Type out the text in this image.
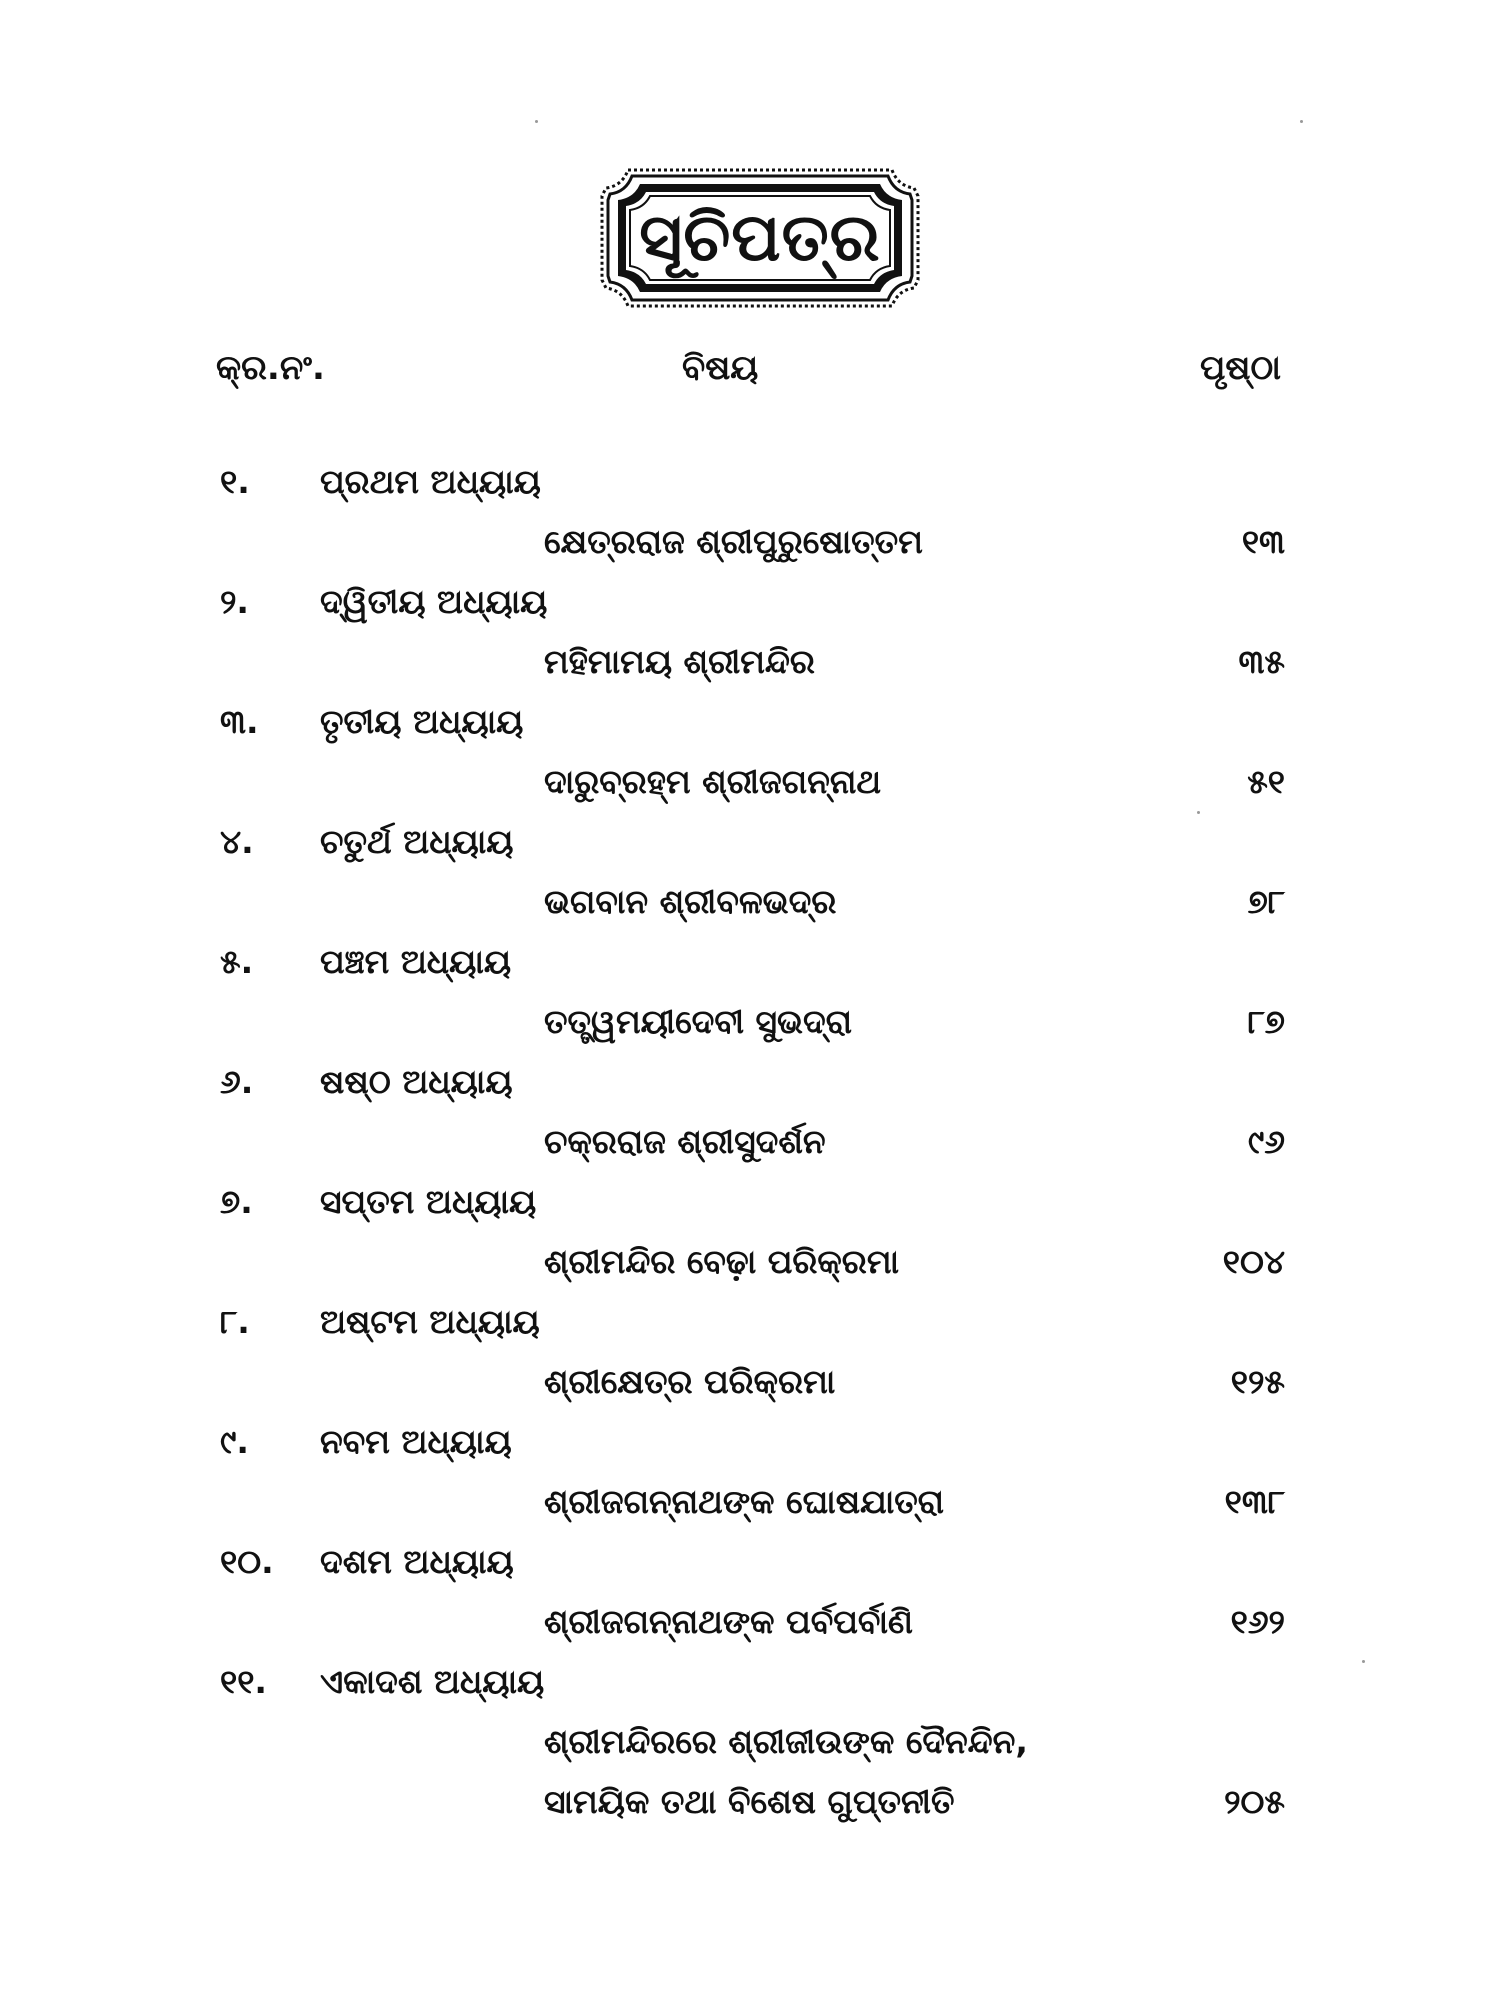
ସୂଚିପତ୍ର
କ୍ର.ନଂ.	ବିଷୟ	ପୃଷ୍ଠା
୧. ପ୍ରଥମ ଅଧ୍ୟାୟ
କ୍ଷେତ୍ରରାଜ ଶ୍ରୀପୁରୁଷୋତ୍ତମ	୧୩
୨. ଦ୍ୱିତୀୟ ଅଧ୍ୟାୟ
ମହିମାମୟ ଶ୍ରୀମନ୍ଦିର	୩୫
୩. ତୃତୀୟ ଅଧ୍ୟାୟ
ଦାରୁବ୍ରହ୍ମ ଶ୍ରୀଜଗନ୍ନାଥ	୫୧
୪. ଚତୁର୍ଥ ଅଧ୍ୟାୟ
ଭଗବାନ ଶ୍ରୀବଳଭଦ୍ର	୭୮
୫. ପଞ୍ଚମ ଅଧ୍ୟାୟ
ତତ୍ତ୍ୱମୟୀଦେବୀ ସୁଭଦ୍ରା	୮୭
୬. ଷଷ୍ଠ ଅଧ୍ୟାୟ
ଚକ୍ରରାଜ ଶ୍ରୀସୁଦର୍ଶନ	୯୬
୭. ସପ୍ତମ ଅଧ୍ୟାୟ
ଶ୍ରୀମନ୍ଦିର ବେଢ଼ା ପରିକ୍ରମା	୧୦୪
୮. ଅଷ୍ଟମ ଅଧ୍ୟାୟ
ଶ୍ରୀକ୍ଷେତ୍ର ପରିକ୍ରମା	୧୨୫
୯. ନବମ ଅଧ୍ୟାୟ
ଶ୍ରୀଜଗନ୍ନାଥଙ୍କ ଘୋଷଯାତ୍ରା	୧୩୮
୧୦. ଦଶମ ଅଧ୍ୟାୟ
ଶ୍ରୀଜଗନ୍ନାଥଙ୍କ ପର୍ବପର୍ବାଣି	୧୬୨
୧୧. ଏକାଦଶ ଅଧ୍ୟାୟ
ଶ୍ରୀମନ୍ଦିରରେ ଶ୍ରୀଜୀଉଙ୍କ ଦୈନନ୍ଦିନ,
ସାମୟିକ ତଥା ବିଶେଷ ଗୁପ୍ତନୀତି	୨୦୫
